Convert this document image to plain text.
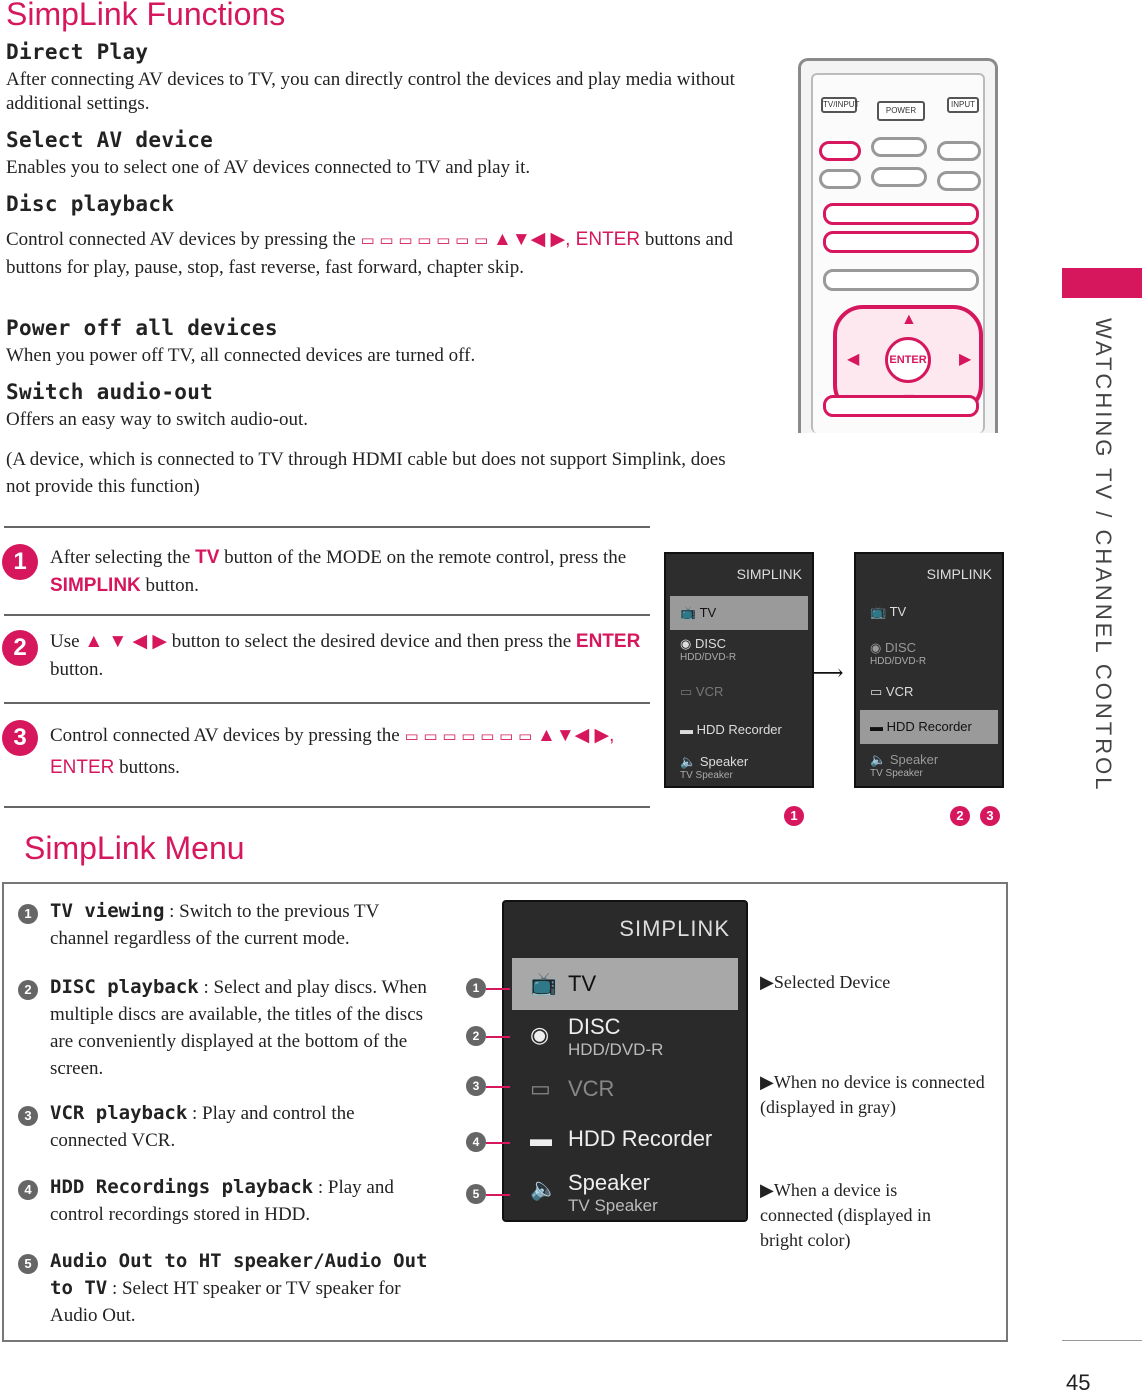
SimpLink Functions
Direct Play
After connecting AV devices to TV, you can directly control the devices and play media without additional settings.
Select AV device
Enables you to select one of AV devices connected to TV and play it.
Disc playback
Control connected AV devices by pressing the ▭ ▭ ▭ ▭ ▭ ▭ ▭ ▲▼◀ ▶, ENTER buttons and buttons for play, pause, stop, fast reverse, fast forward, chapter skip.
Power off all devices
When you power off TV, all connected devices are turned off.
Switch audio-out
Offers an easy way to switch audio-out.
(A device, which is connected to TV through HDMI cable but does not support Simplink, does not provide this function)
TV/INPUT
POWER
INPUT
▲
◀	▶
ENTER	WATCHING TV / CHANNEL CONTROL
1	After selecting the TV button of the MODE on the remote control, press the SIMPLINK button.
2	Use ▲ ▼ ◀ ▶ button to select the desired device and then press the ENTER button.
3	Control connected AV devices by pressing the ▭ ▭ ▭ ▭ ▭ ▭ ▭ ▲▼◀ ▶, ENTER buttons.
SIMPLINK
📺 TV
◉ DISC
HDD/DVD-R
▭ VCR
▬ HDD Recorder
🔈 Speaker
TV Speaker
⟶
SIMPLINK
📺 TV
◉ DISC
HDD/DVD-R
▭ VCR
▬ HDD Recorder
🔈 Speaker
TV Speaker
1	2	3
SimpLink Menu
1 TV viewing : Switch to the previous TV channel regardless of the current mode.
2 DISC playback : Select and play discs. When multiple discs are available, the titles of the discs are conveniently displayed at the bottom of the screen.
3 VCR playback : Play and control the connected VCR.
4 HDD Recordings playback : Play and control recordings stored in HDD.
5 Audio Out to HT speaker/Audio Out to TV : Select HT speaker or TV speaker for Audio Out.
SIMPLINK
📺 TV
◉ DISC
HDD/DVD-R
▭ VCR
▬ HDD Recorder
🔈 Speaker
TV Speaker
1
2
3
4
5
▶Selected Device
▶When no device is connected (displayed in gray)
▶When a device is connected (displayed in bright color)
45
